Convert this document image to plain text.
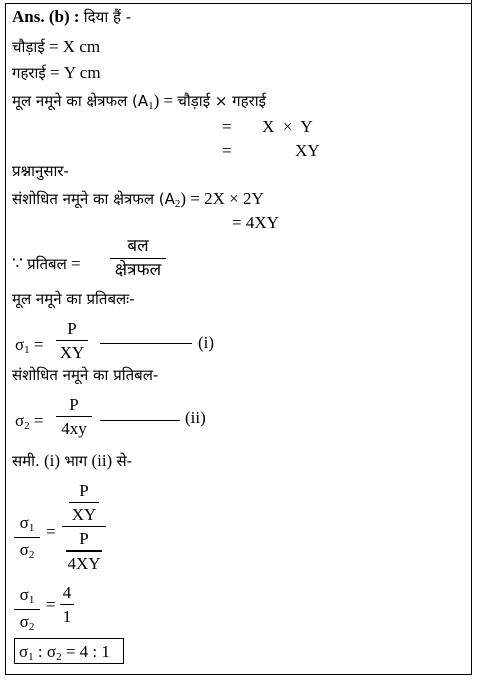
Ans. (b) : दिया हैं -
चौड़ाई = X cm
गहराई = Y cm
मूल नमूने का क्षेत्रफल $(A_1)$ = चौड़ाई × गहराई
= X  ×  Y
=	XY
प्रश्नानुसार-
संशोधित नमूने का क्षेत्रफल $(A_2) = 2X \times 2Y$
= 4XY
∵ प्रतिबल =
बल
क्षेत्रफल
मूल नमूने का प्रतिबलः-
$\sigma_1$ =
P
XY
(i)
संशोधित नमूने का प्रतिबल-
$\sigma_2$ =
P
4xy
(ii)
समी. (i) भाग (ii) से-
$\sigma_1$
$\sigma_2$
=
P
XY
P
4XY
$\sigma_1$
$\sigma_2$
=
4
1
$\sigma_1$ : $\sigma_2 = 4$ : 1
